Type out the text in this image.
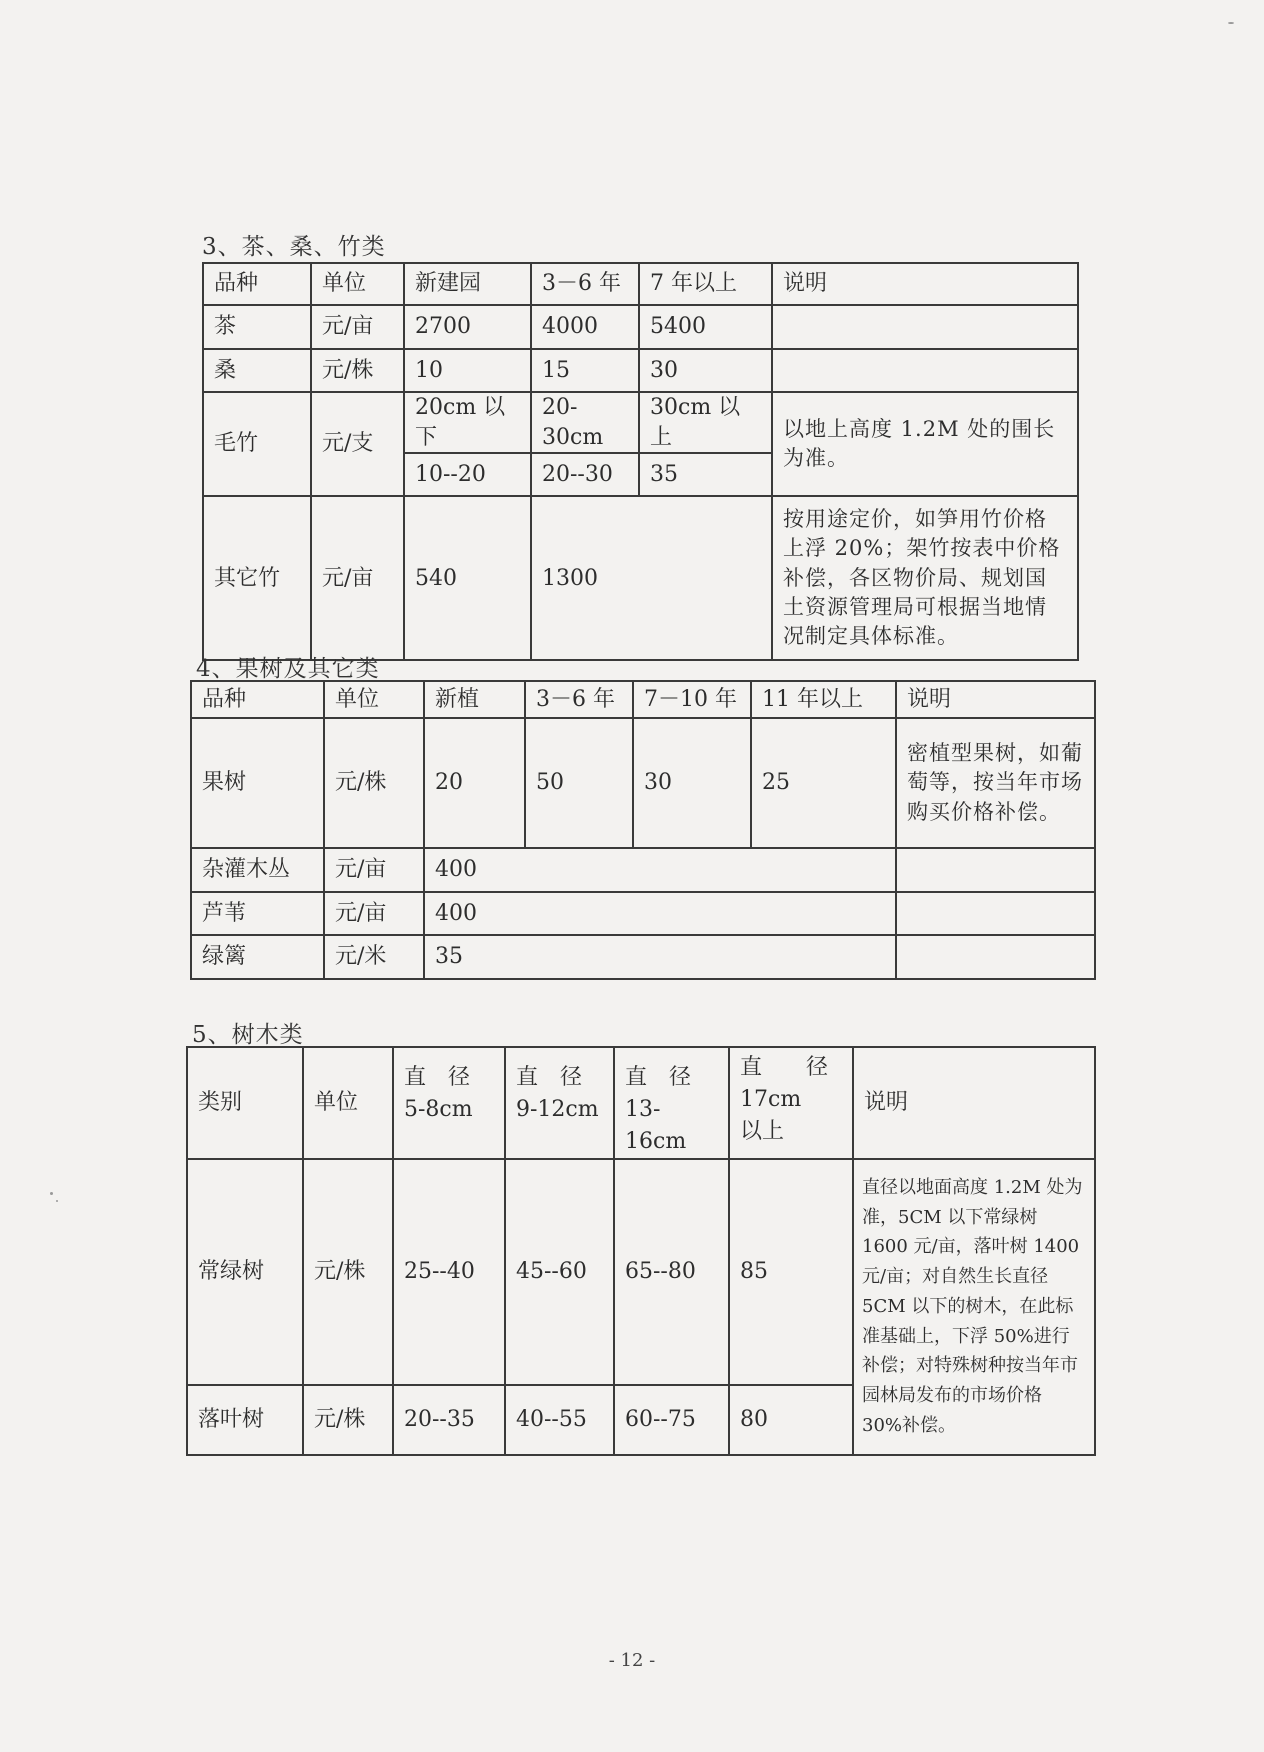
3、茶、桑、竹类
品种	单位	新建园	3－6 年	7 年以上	说明
茶	元/亩	2700	4000	5400	
桑	元/株	10	15	30	
毛竹	元/支	20cm 以下	20-30cm	30cm 以上	以地上高度 1.2M 处的围长为准。
		10--20	20--30	35	
其它竹	元/亩	540	1300		按用途定价，如笋用竹价格上浮 20%；架竹按表中价格补偿，各区物价局、规划国土资源管理局可根据当地情况制定具体标准。
4、果树及其它类
品种	单位	新植	3－6 年	7－10 年	11 年以上	说明
果树	元/株	20	50	30	25	密植型果树，如葡萄等，按当年市场购买价格补偿。
杂灌木丛	元/亩	400				
芦苇	元/亩	400				
绿篱	元/米	35				
5、树木类
类别	单位	直　径 5-8cm	直　径 9-12cm	直　径 13-16cm	直　　径 17cm　以上	说明
常绿树	元/株	25--40	45--60	65--80	85	直径以地面高度 1.2M 处为准，5CM 以下常绿树 1600 元/亩，落叶树 1400 元/亩；对自然生长直径 5CM 以下的树木，在此标准基础上，下浮 50%进行补偿；对特殊树种按当年市园林局发布的市场价格 30%补偿。
落叶树	元/株	20--35	40--55	60--75	80	
- 12 -
